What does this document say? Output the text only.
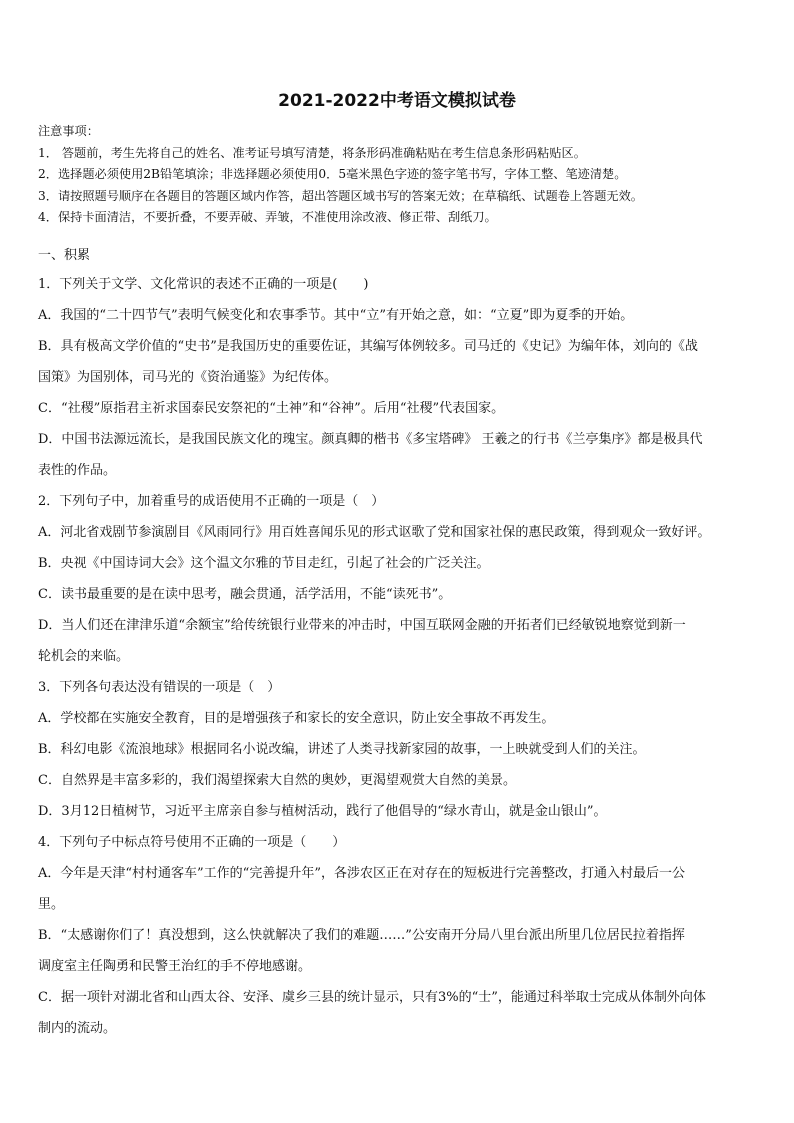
2021-2022中考语文模拟试卷
注意事项：
1． 答题前，考生先将自己的姓名、准考证号填写清楚，将条形码准确粘贴在考生信息条形码粘贴区。
2．选择题必须使用2B铅笔填涂；非选择题必须使用0．5毫米黑色字迹的签字笔书写，字体工整、笔迹清楚。
3．请按照题号顺序在各题目的答题区域内作答，超出答题区域书写的答案无效；在草稿纸、试题卷上答题无效。
4．保持卡面清洁，不要折叠，不要弄破、弄皱，不准使用涂改液、修正带、刮纸刀。
一、积累
1．下列关于文学、文化常识的表述不正确的一项是(　　)
A．我国的“二十四节气”表明气候变化和农事季节。其中“立”有开始之意，如：“立夏”即为夏季的开始。
B．具有极高文学价值的“史书”是我国历史的重要佐证，其编写体例较多。司马迁的《史记》为编年体，刘向的《战
国策》为国别体，司马光的《资治通鉴》为纪传体。
C．“社稷”原指君主祈求国泰民安祭祀的“土神”和“谷神”。后用“社稷”代表国家。
D．中国书法源远流长，是我国民族文化的瑰宝。颜真卿的楷书《多宝塔碑》 王羲之的行书《兰亭集序》都是极具代
表性的作品。
2．下列句子中，加着重号的成语使用不正确的一项是（　）
A．河北省戏剧节参演剧目《风雨同行》用百姓喜闻乐见的形式讴歌了党和国家社保的惠民政策，得到观众一致好评。
B．央视《中国诗词大会》这个温文尔雅的节目走红，引起了社会的广泛关注。
C．读书最重要的是在读中思考，融会贯通，活学活用，不能“读死书”。
D．当人们还在津津乐道“余额宝”给传统银行业带来的冲击时，中国互联网金融的开拓者们已经敏锐地察觉到新一
轮机会的来临。
3．下列各句表达没有错误的一项是（　）
A．学校都在实施安全教育，目的是增强孩子和家长的安全意识，防止安全事故不再发生。
B．科幻电影《流浪地球》根据同名小说改编，讲述了人类寻找新家园的故事，一上映就受到人们的关注。
C．自然界是丰富多彩的，我们渴望探索大自然的奥妙，更渴望观赏大自然的美景。
D．3月12日植树节，习近平主席亲自参与植树活动，践行了他倡导的“绿水青山，就是金山银山”。
4．下列句子中标点符号使用不正确的一项是（　　）
A．今年是天津“村村通客车”工作的“完善提升年”，各涉农区正在对存在的短板进行完善整改，打通入村最后一公
里。
B．“太感谢你们了！真没想到，这么快就解决了我们的难题……”公安南开分局八里台派出所里几位居民拉着指挥
调度室主任陶勇和民警王治红的手不停地感谢。
C．据一项针对湖北省和山西太谷、安泽、虞乡三县的统计显示，只有3%的“士”，能通过科举取士完成从体制外向体
制内的流动。
